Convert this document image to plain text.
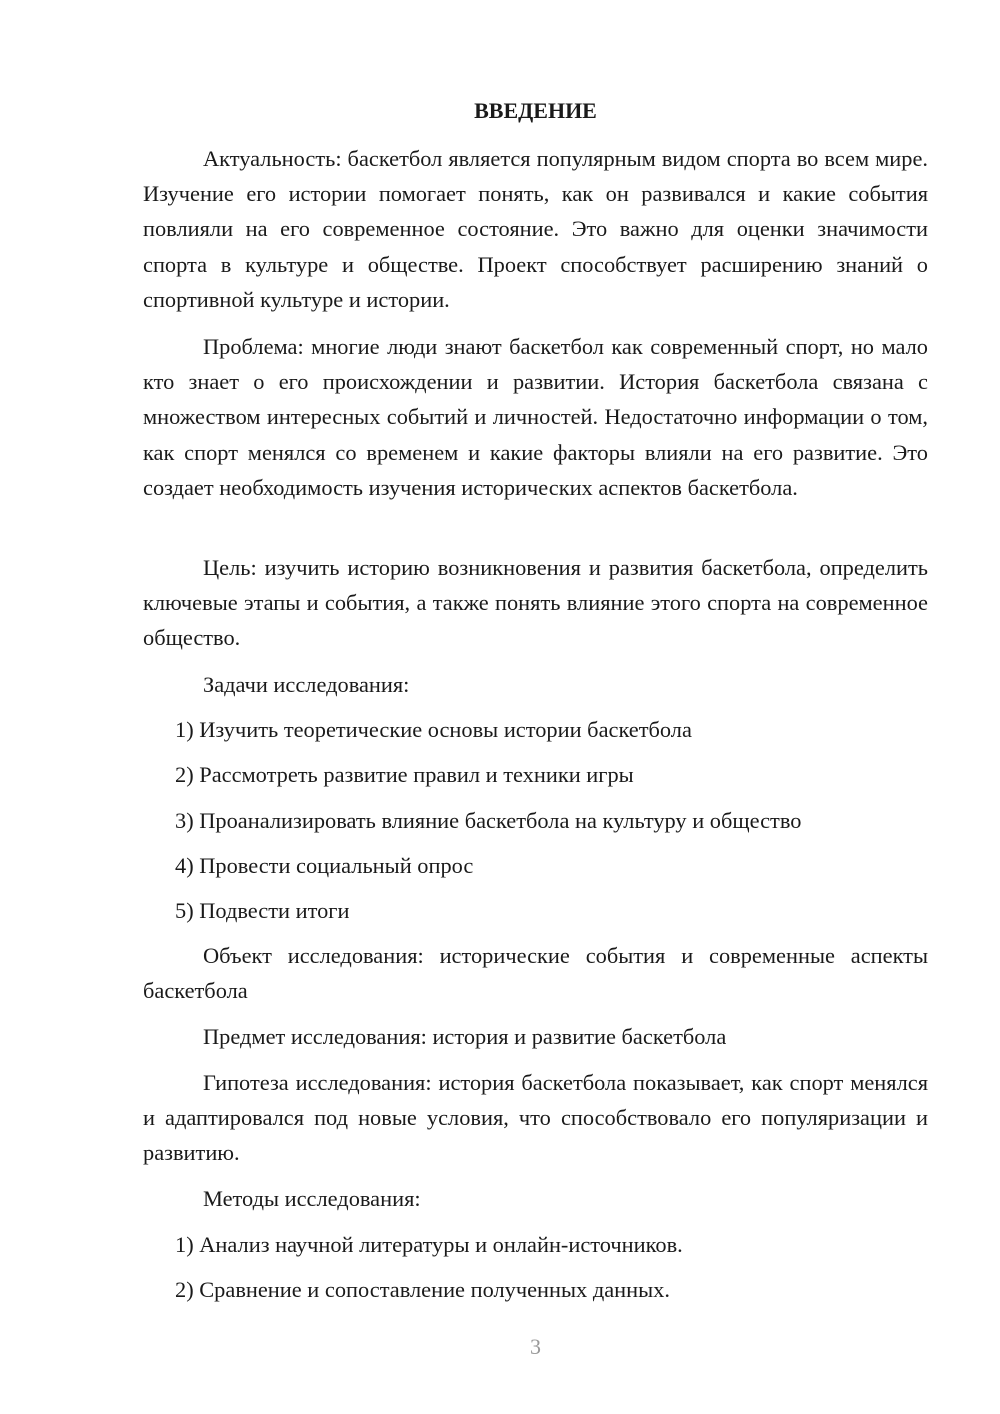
ВВЕДЕНИЕ

Актуальность: баскетбол является популярным видом спорта во всем мире. Изучение его истории помогает понять, как он развивался и какие события повлияли на его современное состояние. Это важно для оценки значимости спорта в культуре и обществе. Проект способствует расширению знаний о спортивной культуре и истории.

Проблема: многие люди знают баскетбол как современный спорт, но мало кто знает о его происхождении и развитии. История баскетбола связана с множеством интересных событий и личностей. Недостаточно информации о том, как спорт менялся со временем и какие факторы влияли на его развитие. Это создает необходимость изучения исторических аспектов баскетбола.

Цель: изучить историю возникновения и развития баскетбола, определить ключевые этапы и события, а также понять влияние этого спорта на современное общество.

Задачи исследования:

1) Изучить теоретические основы истории баскетбола

2) Рассмотреть развитие правил и техники игры

3) Проанализировать влияние баскетбола на культуру и общество

4) Провести социальный опрос

5) Подвести итоги

Объект исследования: исторические события и современные аспекты баскетбола

Предмет исследования: история и развитие баскетбола

Гипотеза исследования: история баскетбола показывает, как спорт менялся и адаптировался под новые условия, что способствовало его популяризации и развитию.

Методы исследования:

1) Анализ научной литературы и онлайн-источников.

2) Сравнение и сопоставление полученных данных.

3
